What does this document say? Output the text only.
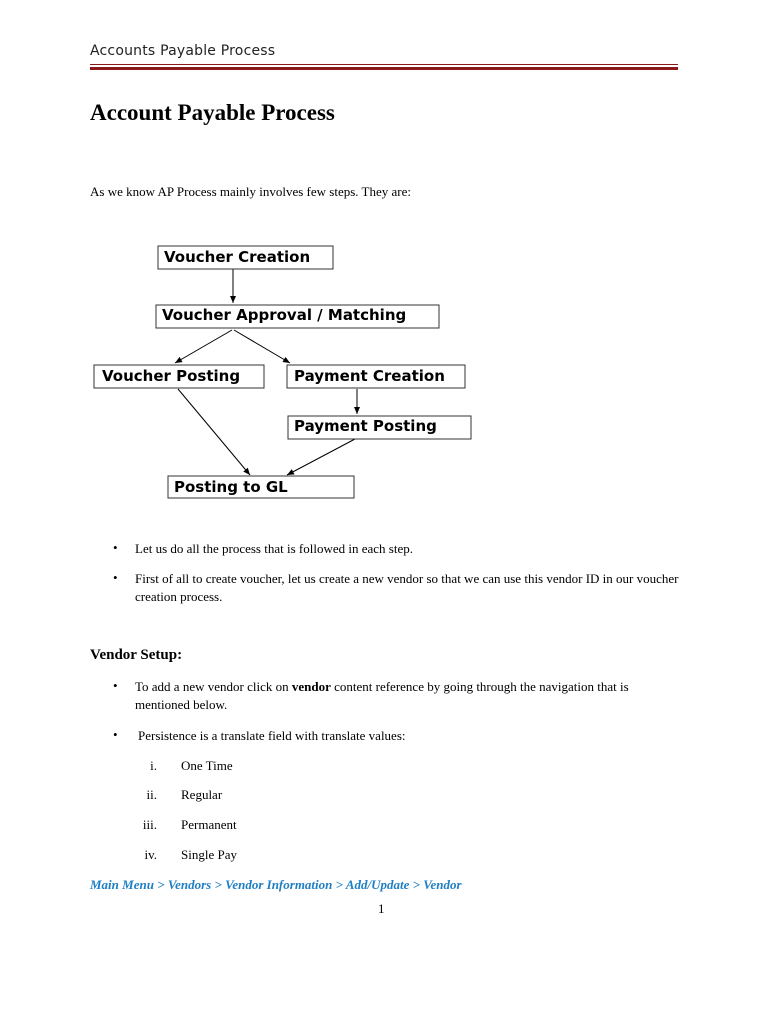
Accounts Payable Process
Account Payable Process
As we know AP Process mainly involves few steps. They are:
Voucher Creation
Voucher Approval / Matching
Voucher Posting	Payment Creation
Payment Posting
Posting to GL
• Let us do all the process that is followed in each step.
• First of all to create voucher, let us create a new vendor so that we can use this vendor ID in our voucher creation process.
Vendor Setup:
• To add a new vendor click on vendor content reference by going through the navigation that is mentioned below.
• Persistence is a translate field with translate values:
i. One Time
ii. Regular
iii. Permanent
iv. Single Pay
Main Menu > Vendors > Vendor Information > Add/Update > Vendor
1
